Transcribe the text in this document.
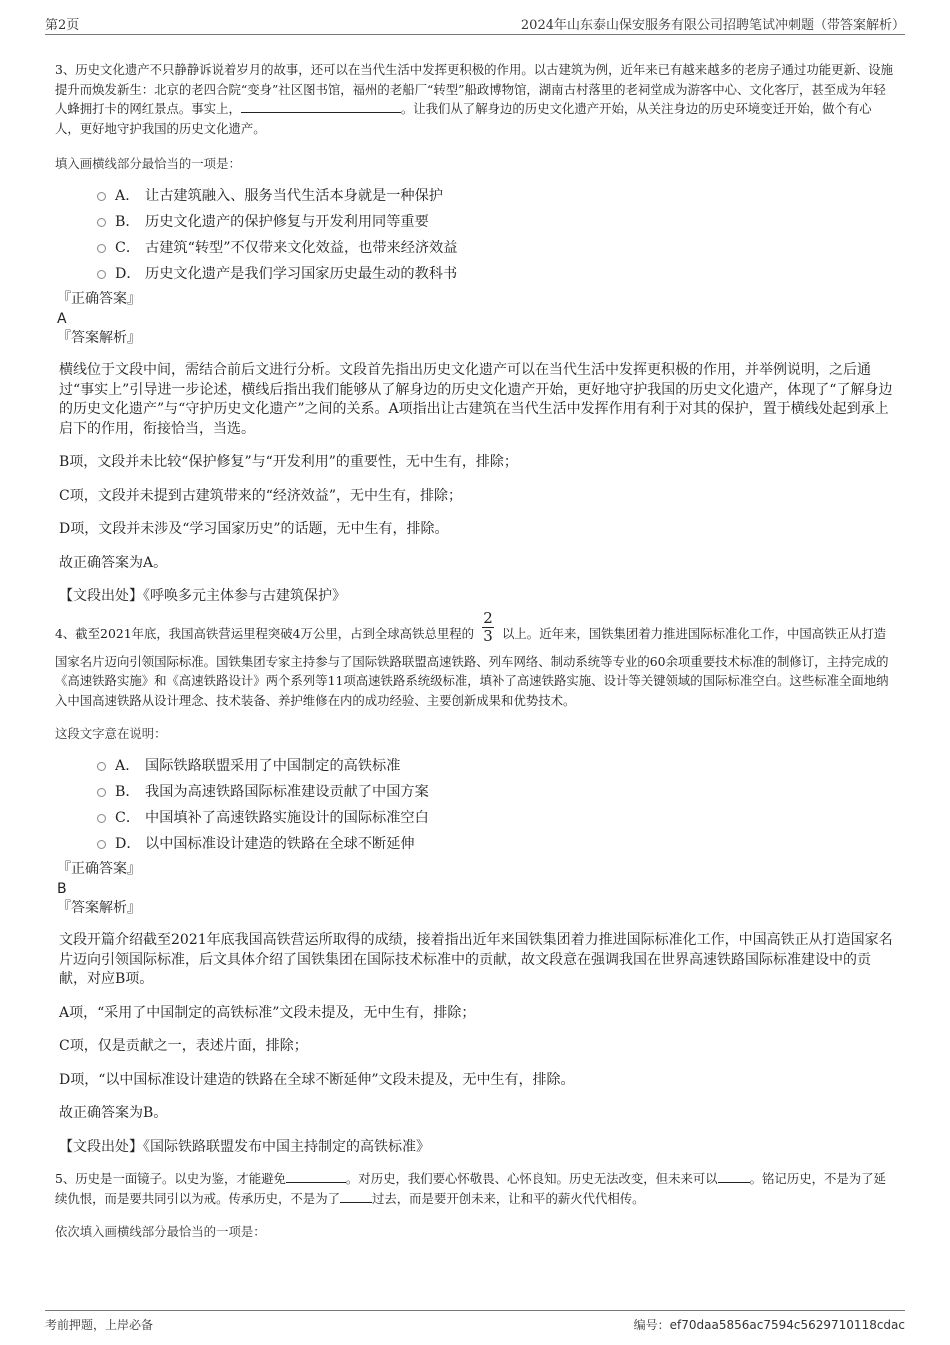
第2页	2024年山东泰山保安服务有限公司招聘笔试冲刺题（带答案解析）

3、历史文化遗产不只静静诉说着岁月的故事，还可以在当代生活中发挥更积极的作用。以古建筑为例，近年来已有越来越多的老房子通过功能更新、设施提升而焕发新生：北京的老四合院“变身”社区图书馆，福州的老船厂“转型”船政博物馆，湖南古村落里的老祠堂成为游客中心、文化客厅，甚至成为年轻人蜂拥打卡的网红景点。事实上，	。让我们从了解身边的历史文化遗产开始，从关注身边的历史环境变迁开始，做个有心人，更好地守护我国的历史文化遗产。

填入画横线部分最恰当的一项是：

A． 让古建筑融入、服务当代生活本身就是一种保护
B． 历史文化遗产的保护修复与开发利用同等重要
C． 古建筑“转型”不仅带来文化效益，也带来经济效益
D． 历史文化遗产是我们学习国家历史最生动的教科书

『正确答案』

A

『答案解析』

横线位于文段中间，需结合前后文进行分析。文段首先指出历史文化遗产可以在当代生活中发挥更积极的作用，并举例说明，之后通过“事实上”引导进一步论述，横线后指出我们能够从了解身边的历史文化遗产开始，更好地守护我国的历史文化遗产，体现了“了解身边的历史文化遗产”与“守护历史文化遗产”之间的关系。A项指出让古建筑在当代生活中发挥作用有利于对其的保护，置于横线处起到承上启下的作用，衔接恰当，当选。

B项，文段并未比较“保护修复”与“开发利用”的重要性，无中生有，排除；

C项，文段并未提到古建筑带来的“经济效益”，无中生有，排除；

D项，文段并未涉及“学习国家历史”的话题，无中生有，排除。

故正确答案为A。

【文段出处】《呼唤多元主体参与古建筑保护》

4、截至2021年底，我国高铁营运里程突破4万公里，占到全球高铁总里程的 $\frac{2}{3}$ 以上。近年来，国铁集团着力推进国际标准化工作，中国高铁正从打造国家名片迈向引领国际标准。国铁集团专家主持参与了国际铁路联盟高速铁路、列车网络、制动系统等专业的60余项重要技术标准的制修订，主持完成的《高速铁路实施》和《高速铁路设计》两个系列等11项高速铁路系统级标准，填补了高速铁路实施、设计等关键领域的国际标准空白。这些标准全面地纳入中国高速铁路从设计理念、技术装备、养护维修在内的成功经验、主要创新成果和优势技术。

这段文字意在说明：

A． 国际铁路联盟采用了中国制定的高铁标准
B． 我国为高速铁路国际标准建设贡献了中国方案
C． 中国填补了高速铁路实施设计的国际标准空白
D． 以中国标准设计建造的铁路在全球不断延伸

『正确答案』

B

『答案解析』

文段开篇介绍截至2021年底我国高铁营运所取得的成绩，接着指出近年来国铁集团着力推进国际标准化工作，中国高铁正从打造国家名片迈向引领国际标准，后文具体介绍了国铁集团在国际技术标准中的贡献，故文段意在强调我国在世界高速铁路国际标准建设中的贡献，对应B项。

A项，“采用了中国制定的高铁标准”文段未提及，无中生有，排除；

C项，仅是贡献之一，表述片面，排除；

D项，“以中国标准设计建造的铁路在全球不断延伸”文段未提及，无中生有，排除。

故正确答案为B。

【文段出处】《国际铁路联盟发布中国主持制定的高铁标准》

5、历史是一面镜子。以史为鉴，才能避免	。对历史，我们要心怀敬畏、心怀良知。历史无法改变，但未来可以	。铭记历史，不是为了延续仇恨，而是要共同引以为戒。传承历史，不是为了	过去，而是要开创未来，让和平的薪火代代相传。

依次填入画横线部分最恰当的一项是：

考前押题，上岸必备	编号：ef70daa5856ac7594c5629710118cdac
